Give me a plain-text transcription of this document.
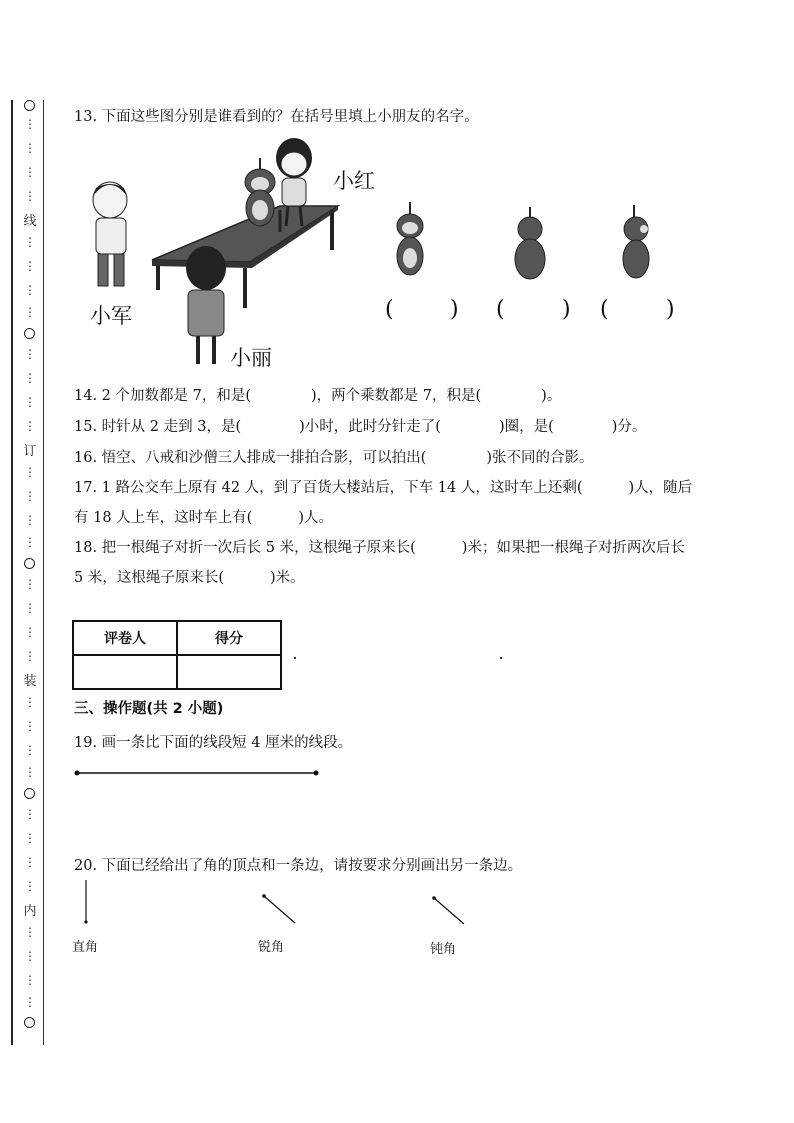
⋮
⋮
⋮
⋮
线
⋮
⋮
⋮
⋮
⋮
⋮
⋮
⋮
订
⋮
⋮
⋮
⋮
⋮
⋮
⋮
⋮
装
⋮
⋮
⋮
⋮
⋮
⋮
⋮
⋮
内
⋮
⋮
⋮
⋮
13. 下面这些图分别是谁看到的？在括号里填上小朋友的名字。
小红
小军
小丽
(	) (	) (	)
14. 2 个加数都是 7，和是(	)，两个乘数都是 7，积是(	)。
15. 时针从 2 走到 3，是(	)小时，此时分针走了(	)圈，是(	)分。
16. 悟空、八戒和沙僧三人排成一排拍合影，可以拍出(	)张不同的合影。
17. 1 路公交车上原有 42 人，到了百货大楼站后，下车 14 人，这时车上还剩(	)人，随后
有 18 人上车，这时车上有(	)人。
18. 把一根绳子对折一次后长 5 米，这根绳子原来长(	)米；如果把一根绳子对折两次后长
5 米，这根绳子原来长(	)米。
评卷人	得分

三、操作题(共 2 小题)
19. 画一条比下面的线段短 4 厘米的线段。
20. 下面已经给出了角的顶点和一条边，请按要求分别画出另一条边。
直角	锐角	钝角
